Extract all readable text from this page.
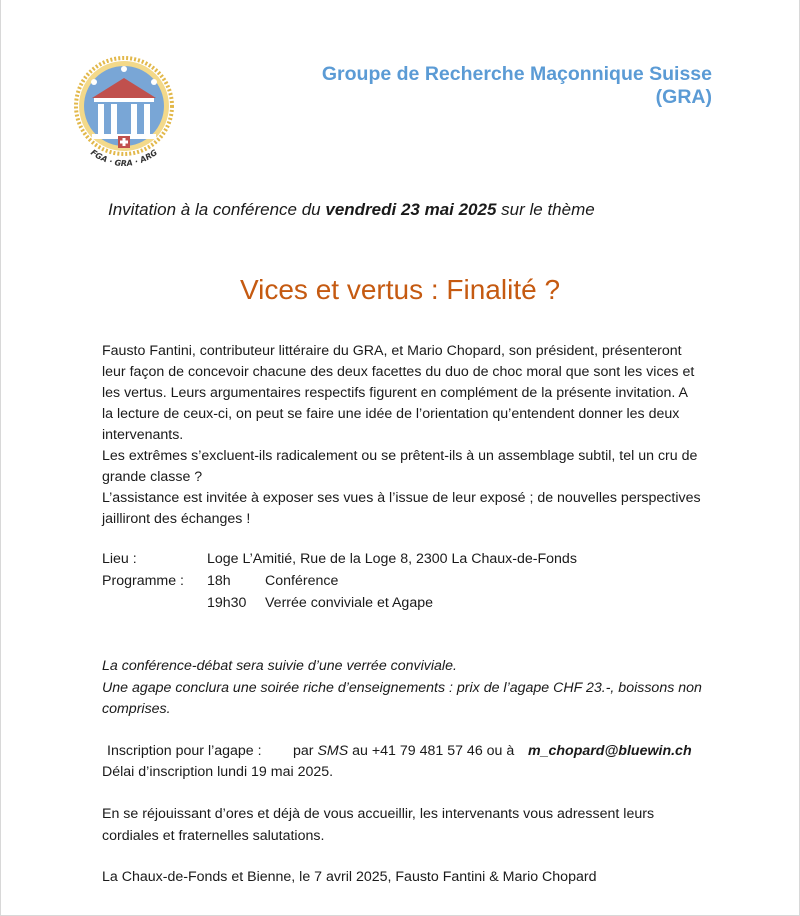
FGA · GRA · ARG
Groupe de Recherche Maçonnique Suisse
(GRA)
Invitation à la conférence du vendredi 23 mai 2025 sur le thème
Vices et vertus : Finalité ?

Fausto Fantini, contributeur littéraire du GRA, et Mario Chopard, son président, présenteront

leur façon de concevoir chacune des deux facettes du duo de choc moral que sont les vices et

les vertus. Leurs argumentaires respectifs figurent en complément de la présente invitation. A

la lecture de ceux-ci, on peut se faire une idée de l’orientation qu’entendent donner les deux

intervenants.

Les extrêmes s’excluent-ils radicalement ou se prêtent-ils à un assemblage subtil, tel un cru de

grande classe ?

L’assistance est invitée à exposer ses vues à l’issue de leur exposé ; de nouvelles perspectives

jailliront des échanges !

Lieu :	Loge L’Amitié, Rue de la Loge 8, 2300 La Chaux-de-Fonds
Programme : 18h Conférence
19h30 Verrée conviviale et Agape
La conférence-débat sera suivie d’une verrée conviviale.
Une agape conclura une soirée riche d’enseignements : prix de l’agape CHF 23.-, boissons non
comprises.
Inscription pour l’agape : par SMS au +41 79 481 57 46 ou à m_chopard@bluewin.ch
Délai d’inscription lundi 19 mai 2025.
En se réjouissant d’ores et déjà de vous accueillir, les intervenants vous adressent leurs
cordiales et fraternelles salutations.
La Chaux-de-Fonds et Bienne, le 7 avril 2025, Fausto Fantini & Mario Chopard
